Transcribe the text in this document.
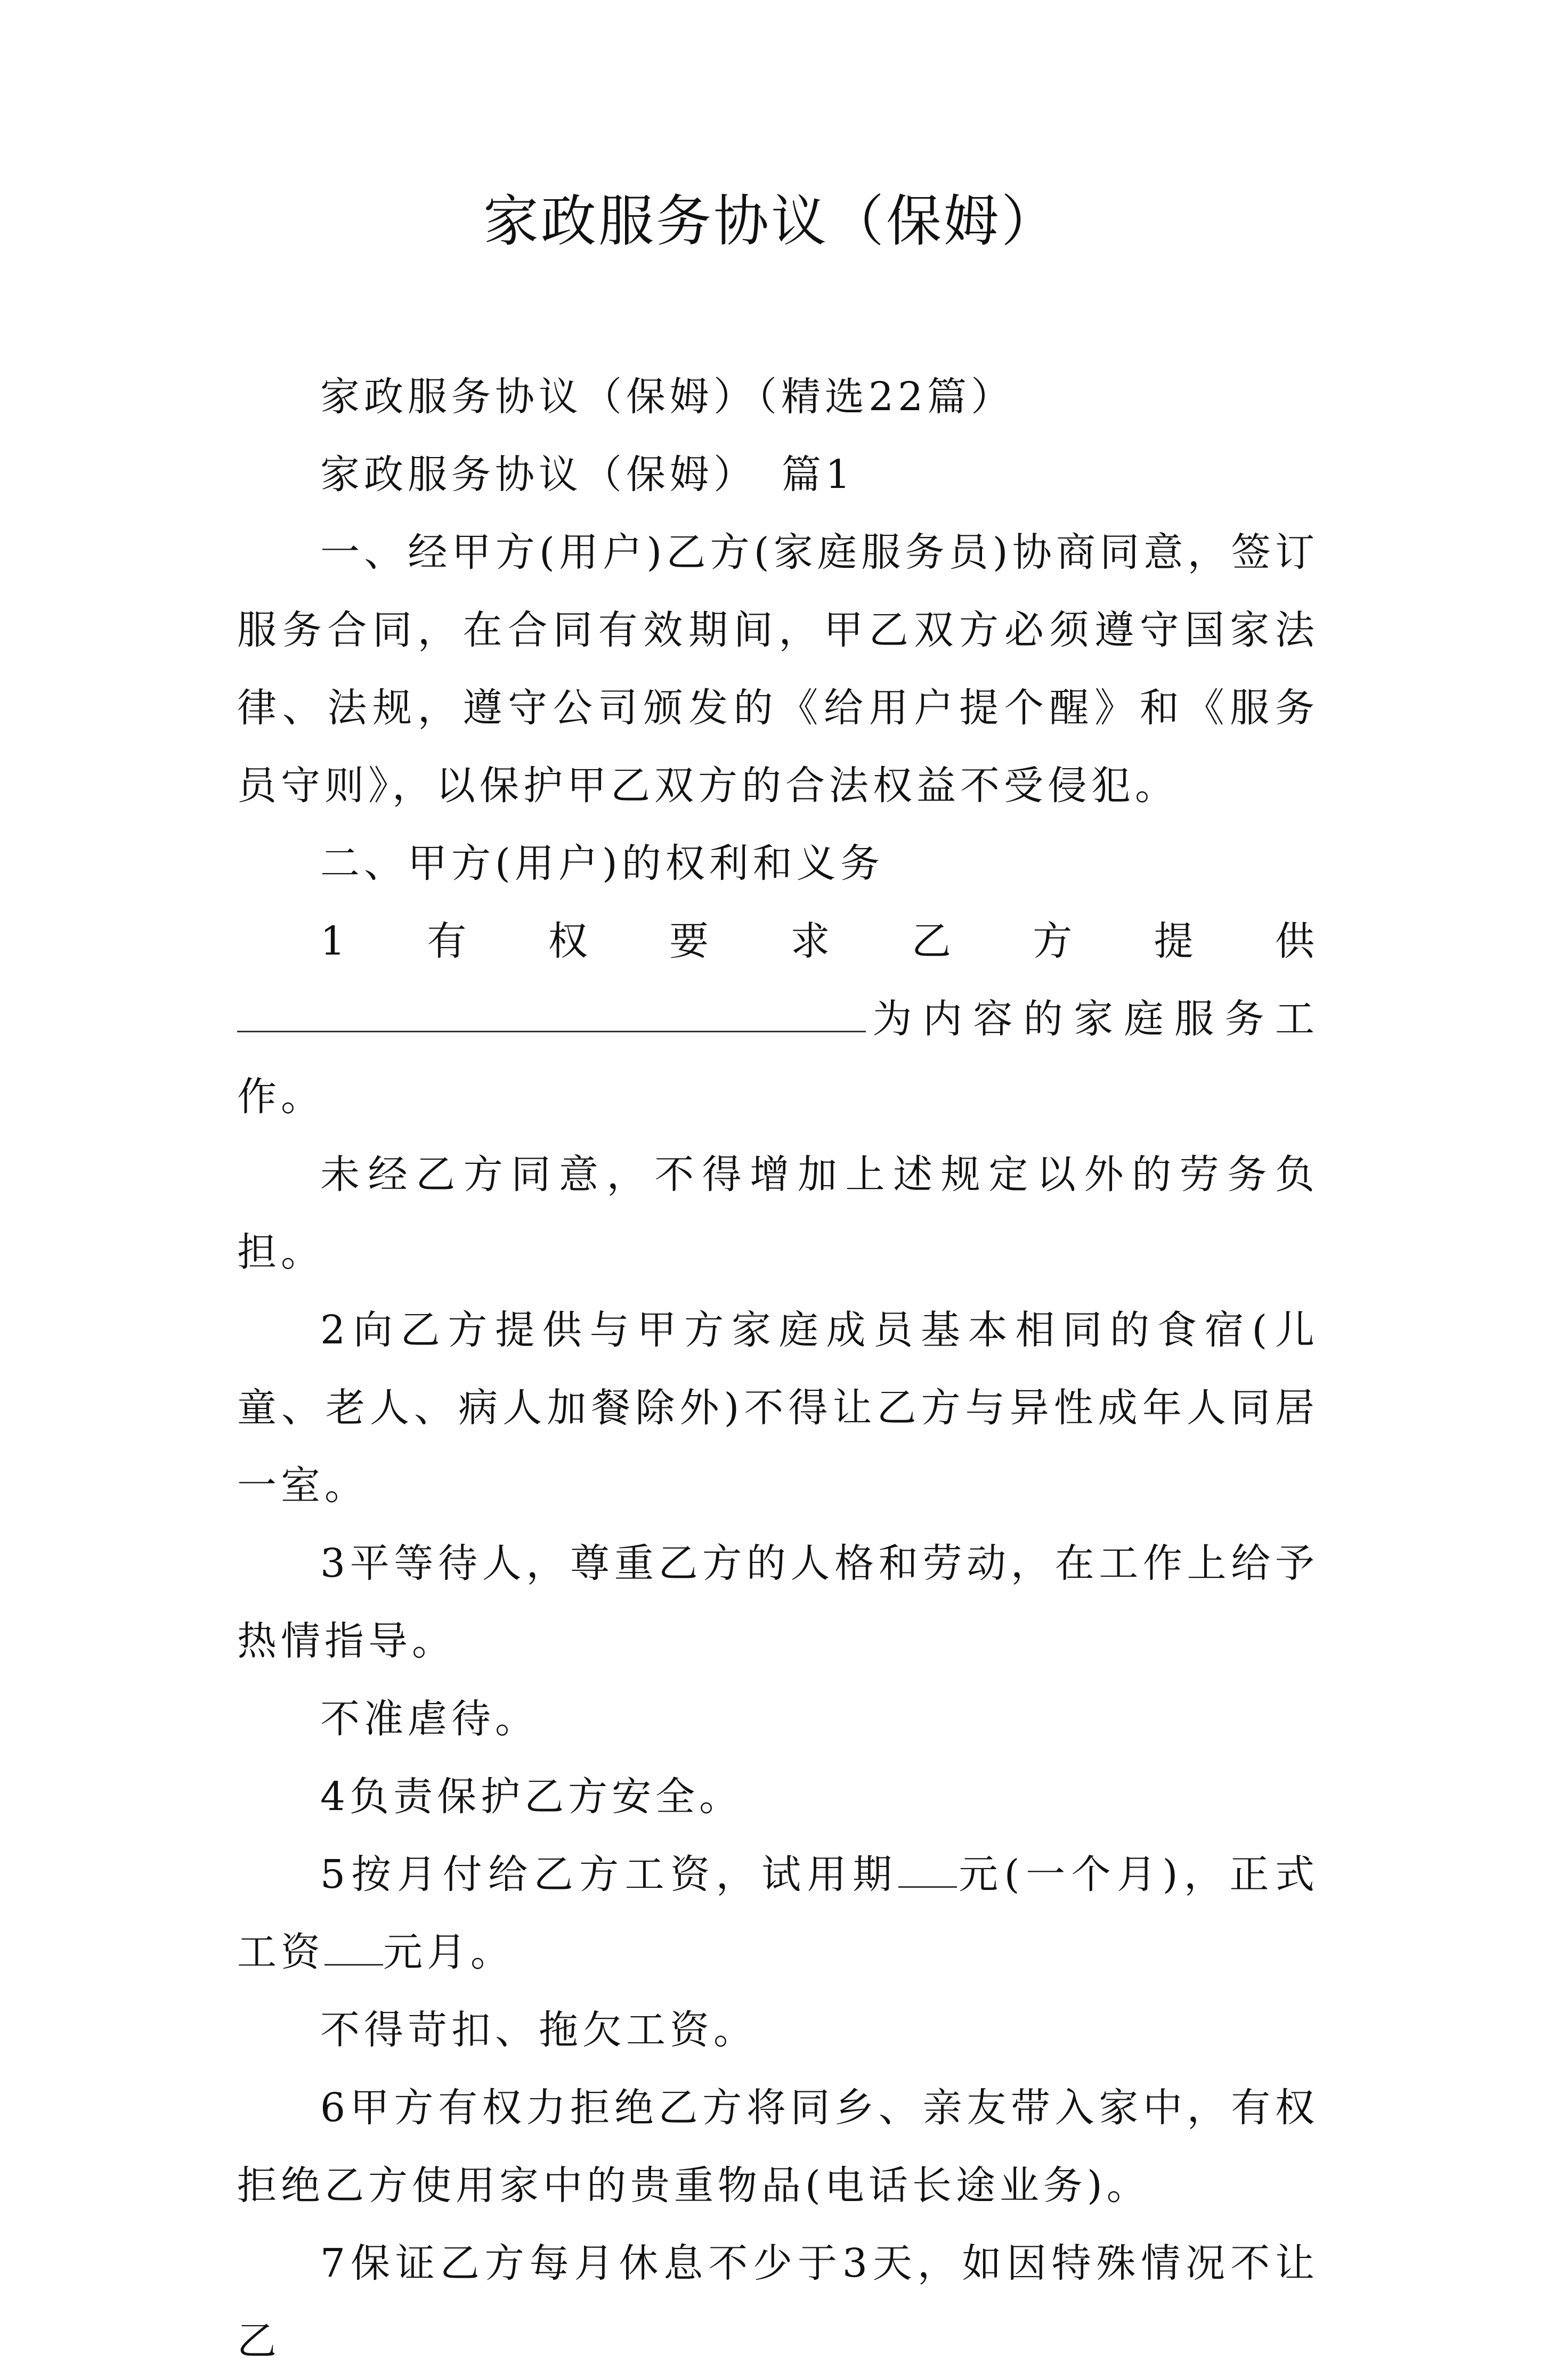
家政服务协议（保姆）

家政服务协议（保姆）（精选22篇）

家政服务协议（保姆） 篇1

一、经甲方(用户)乙方(家庭服务员)协商同意，签订服务合同，在合同有效期间，甲乙双方必须遵守国家法律、法规，遵守公司颁发的《给用户提个醒》和《服务员守则》，以保护甲乙双方的合法权益不受侵犯。

二、甲方(用户)的权利和义务

1有权要求乙方提供为内容的家庭服务工作。

未经乙方同意，不得增加上述规定以外的劳务负担。

2向乙方提供与甲方家庭成员基本相同的食宿(儿童、老人、病人加餐除外)不得让乙方与异性成年人同居一室。

3平等待人，尊重乙方的人格和劳动，在工作上给予热情指导。

不准虐待。

4负责保护乙方安全。

5按月付给乙方工资，试用期 元(一个月)，正式工资 元月。

不得苛扣、拖欠工资。

6甲方有权力拒绝乙方将同乡、亲友带入家中，有权拒绝乙方使用家中的贵重物品(电话长途业务)。

7保证乙方每月休息不少于3天，如因特殊情况不让乙
